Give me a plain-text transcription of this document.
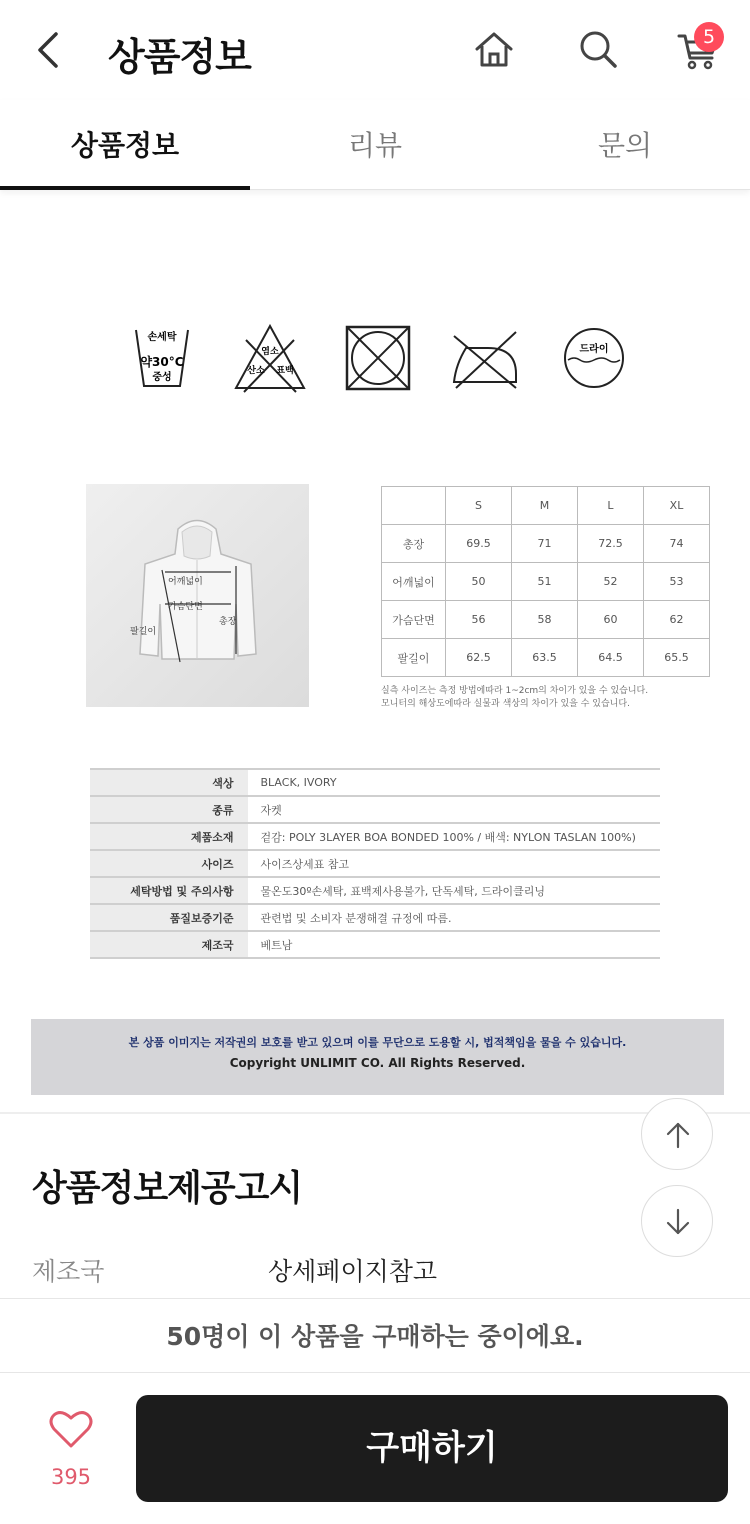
상품정보	5
상품정보	리뷰	문의
손세탁
약30°C
중성
염소
산소 표백
드라이
어깨넓이
가슴단면
총장
팔길이
	S	M	L	XL
총장	69.5	71	72.5	74
어깨넓이	50	51	52	53
가슴단면	56	58	60	62
팔길이	62.5	63.5	64.5	65.5
실측 사이즈는 측정 방법에따라 1~2cm의 차이가 있을 수 있습니다.
모니터의 해상도에따라 실물과 색상의 차이가 있을 수 있습니다.
색상	BLACK, IVORY
종류	자켓
제품소재	겉감: POLY 3LAYER BOA BONDED 100% / 배색: NYLON TASLAN 100%)
사이즈	사이즈상세표 참고
세탁방법 및 주의사항	물온도30º손세탁, 표백제사용불가, 단독세탁, 드라이클리닝
품질보증기준	관련법 및 소비자 분쟁해결 규정에 따름.
제조국	베트남
본 상품 이미지는 저작권의 보호를 받고 있으며 이를 무단으로 도용할 시, 법적책임을 물을 수 있습니다.
Copyright UNLIMIT CO. All Rights Reserved.
상품정보제공고시
제조국	상세페이지참고
50명이 이 상품을 구매하는 중이에요.
395
구매하기
